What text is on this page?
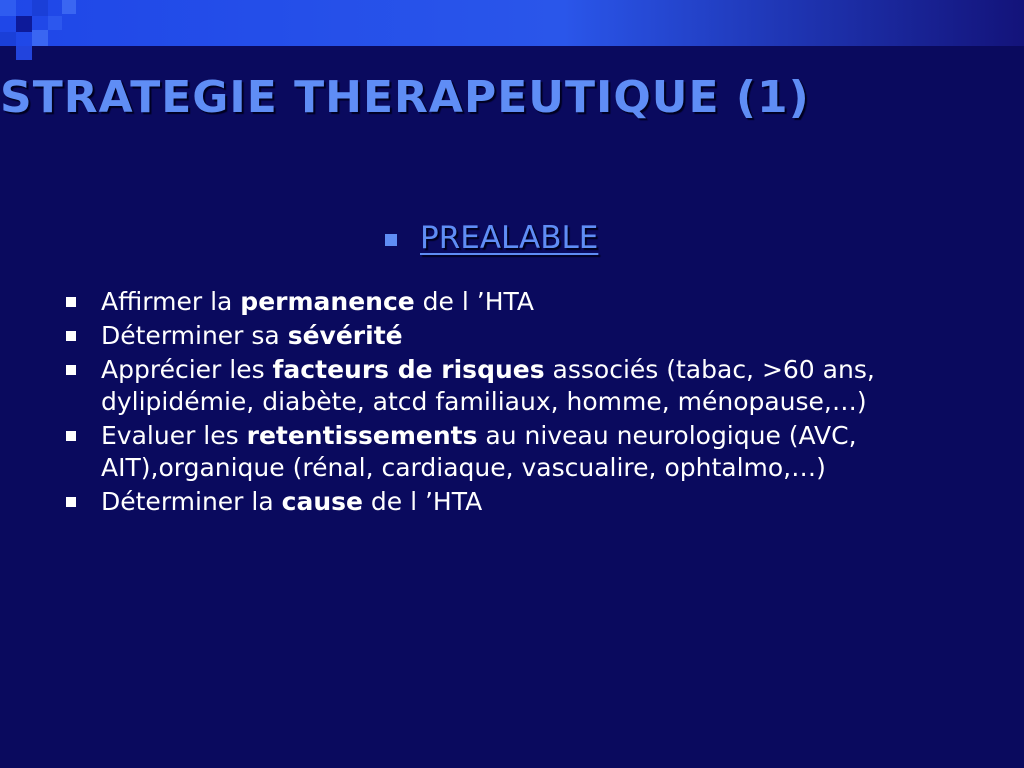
STRATEGIE THERAPEUTIQUE (1)
PREALABLE
Affirmer la permanence de l ’HTA
Déterminer sa sévérité
Apprécier les facteurs de risques associés (tabac, >60 ans, dylipidémie, diabète, atcd familiaux, homme, ménopause,…)
Evaluer les retentissements au niveau neurologique (AVC, AIT),organique (rénal, cardiaque, vascualire, ophtalmo,…)
Déterminer la cause de l ’HTA
